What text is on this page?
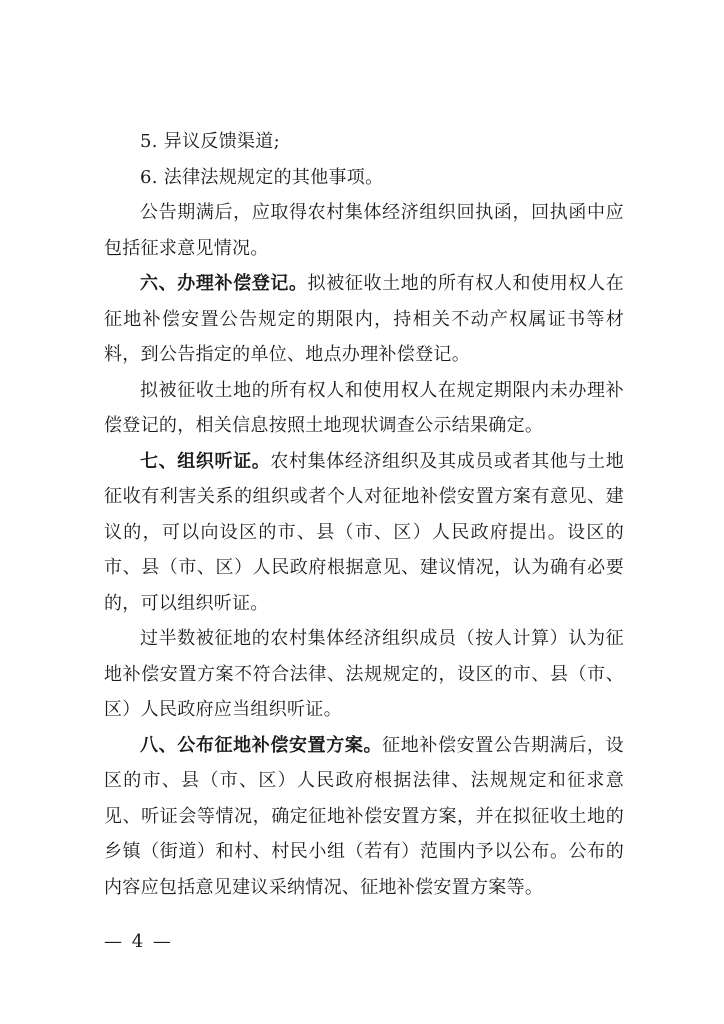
5. 异议反馈渠道;

6. 法律法规规定的其他事项。

公告期满后，应取得农村集体经济组织回执函，回执函中应包括征求意见情况。

六、办理补偿登记。拟被征收土地的所有权人和使用权人在征地补偿安置公告规定的期限内，持相关不动产权属证书等材料，到公告指定的单位、地点办理补偿登记。

拟被征收土地的所有权人和使用权人在规定期限内未办理补偿登记的，相关信息按照土地现状调查公示结果确定。

七、组织听证。农村集体经济组织及其成员或者其他与土地征收有利害关系的组织或者个人对征地补偿安置方案有意见、建议的，可以向设区的市、县（市、区）人民政府提出。设区的市、县（市、区）人民政府根据意见、建议情况，认为确有必要的，可以组织听证。

过半数被征地的农村集体经济组织成员（按人计算）认为征地补偿安置方案不符合法律、法规规定的，设区的市、县（市、区）人民政府应当组织听证。

八、公布征地补偿安置方案。征地补偿安置公告期满后，设区的市、县（市、区）人民政府根据法律、法规规定和征求意见、听证会等情况，确定征地补偿安置方案，并在拟征收土地的乡镇（街道）和村、村民小组（若有）范围内予以公布。公布的内容应包括意见建议采纳情况、征地补偿安置方案等。

— 4 —
